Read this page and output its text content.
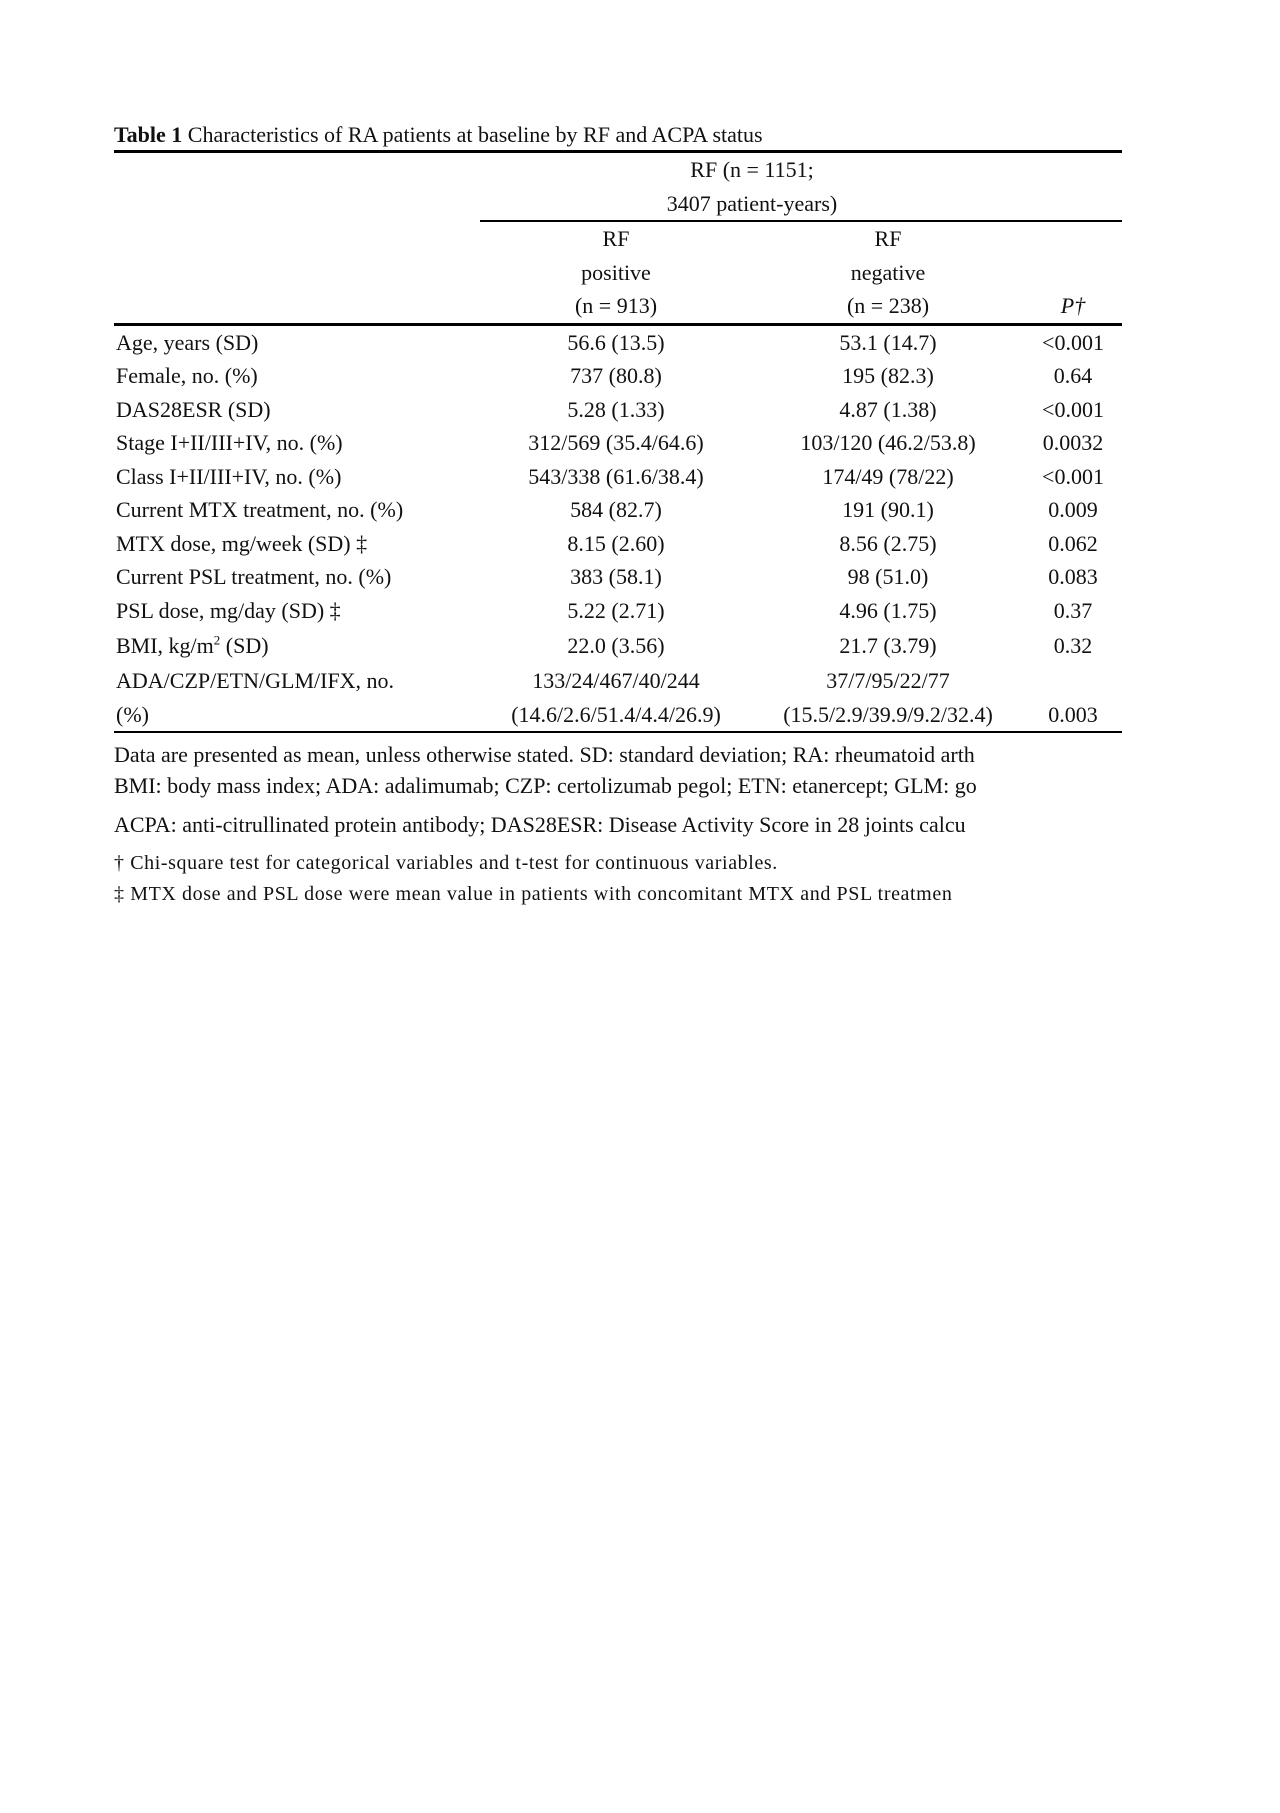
Table 1 Characteristics of RA patients at baseline by RF and ACPA status
	RF (n = 1151;		
	3407 patient-years)		
	RF	RF	
	positive	negative	
	(n = 913)	(n = 238)	P†
Age, years (SD)	56.6 (13.5)	53.1 (14.7)	<0.001
Female, no. (%)	737 (80.8)	195 (82.3)	0.64
DAS28ESR (SD)	5.28 (1.33)	4.87 (1.38)	<0.001
Stage I+II/III+IV, no. (%)	312/569 (35.4/64.6)	103/120 (46.2/53.8)	0.0032
Class I+II/III+IV, no. (%)	543/338 (61.6/38.4)	174/49 (78/22)	<0.001
Current MTX treatment, no. (%)	584 (82.7)	191 (90.1)	0.009
MTX dose, mg/week (SD) ‡	8.15 (2.60)	8.56 (2.75)	0.062
Current PSL treatment, no. (%)	383 (58.1)	98 (51.0)	0.083
PSL dose, mg/day (SD) ‡	5.22 (2.71)	4.96 (1.75)	0.37
BMI, $kg/m^2$ (SD)	22.0 (3.56)	21.7 (3.79)	0.32
ADA/CZP/ETN/GLM/IFX, no.	133/24/467/40/244	37/7/95/22/77	
(%)	(14.6/2.6/51.4/4.4/26.9)	(15.5/2.9/39.9/9.2/32.4)	0.003
Data are presented as mean, unless otherwise stated. SD: standard deviation; RA: rheumatoid arth
BMI: body mass index; ADA: adalimumab; CZP: certolizumab pegol; ETN: etanercept; GLM: go
ACPA: anti-citrullinated protein antibody; DAS28ESR: Disease Activity Score in 28 joints calcu
† Chi-square test for categorical variables and t-test for continuous variables.
‡ MTX dose and PSL dose were mean value in patients with concomitant MTX and PSL treatmen
